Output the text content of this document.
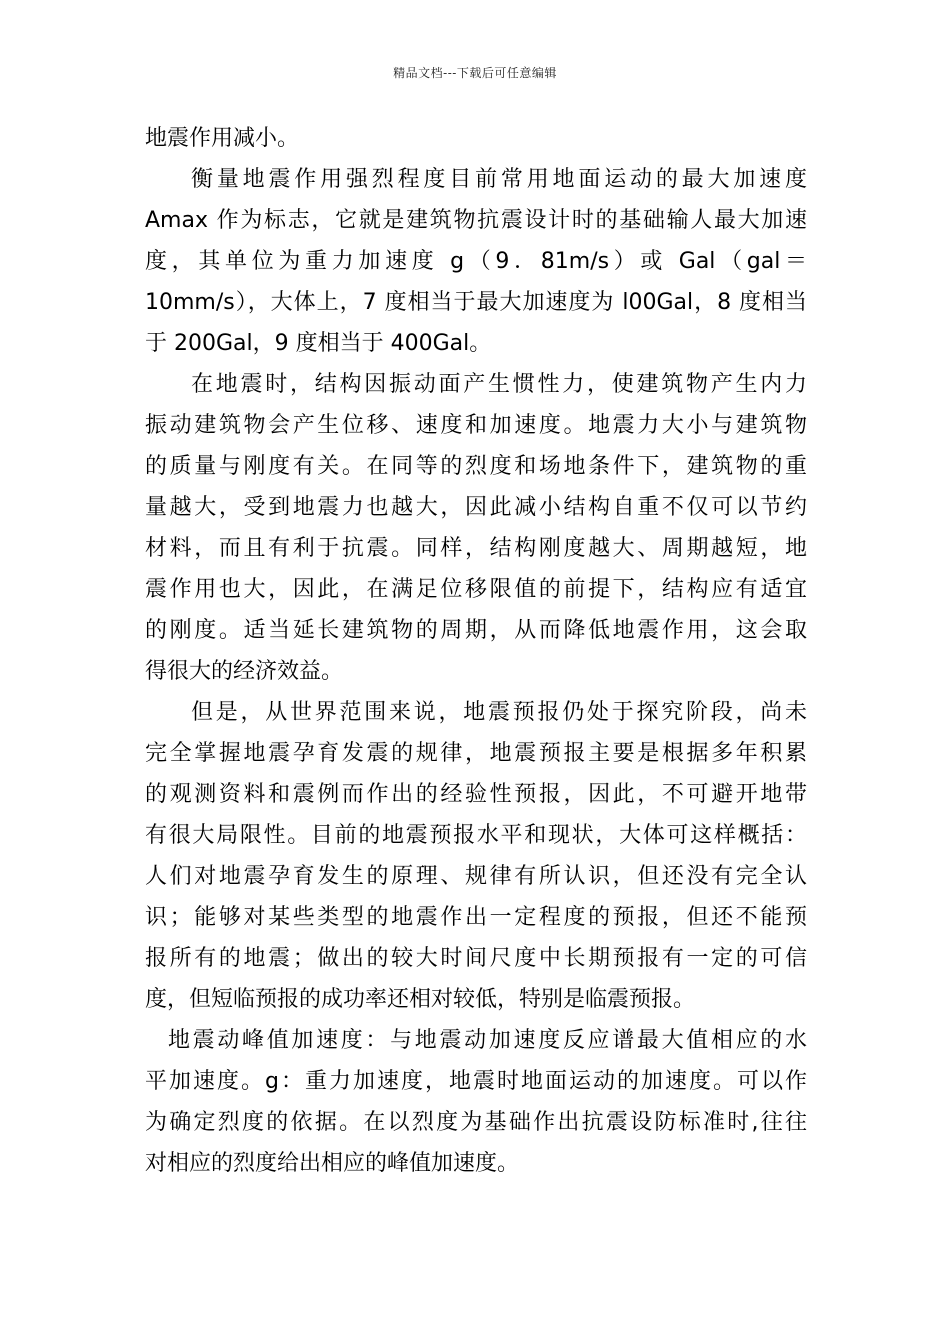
精品文档---下载后可任意编辑
地震作用减小。
衡量地震作用强烈程度目前常用地面运动的最大加速度
Amax 作为标志，它就是建筑物抗震设计时的基础输人最大加速
度，其单位为重力加速度 g（9．81m/s）或 Gal（gal＝
10mm/s），大体上，7 度相当于最大加速度为 l00Gal，8 度相当
于 200Gal，9 度相当于 400Gal。
在地震时，结构因振动面产生惯性力，使建筑物产生内力
振动建筑物会产生位移、速度和加速度。地震力大小与建筑物
的质量与刚度有关。在同等的烈度和场地条件下，建筑物的重
量越大，受到地震力也越大，因此减小结构自重不仅可以节约
材料，而且有利于抗震。同样，结构刚度越大、周期越短，地
震作用也大，因此，在满足位移限值的前提下，结构应有适宜
的刚度。适当延长建筑物的周期，从而降低地震作用，这会取
得很大的经济效益。
但是，从世界范围来说，地震预报仍处于探究阶段，尚未
完全掌握地震孕育发震的规律，地震预报主要是根据多年积累
的观测资料和震例而作出的经验性预报，因此，不可避开地带
有很大局限性。目前的地震预报水平和现状，大体可这样概括：
人们对地震孕育发生的原理、规律有所认识，但还没有完全认
识；能够对某些类型的地震作出一定程度的预报，但还不能预
报所有的地震；做出的较大时间尺度中长期预报有一定的可信
度，但短临预报的成功率还相对较低，特别是临震预报。
地震动峰值加速度：与地震动加速度反应谱最大值相应的水
平加速度。g：重力加速度，地震时地面运动的加速度。可以作
为确定烈度的依据。在以烈度为基础作出抗震设防标准时,往往
对相应的烈度给出相应的峰值加速度。
